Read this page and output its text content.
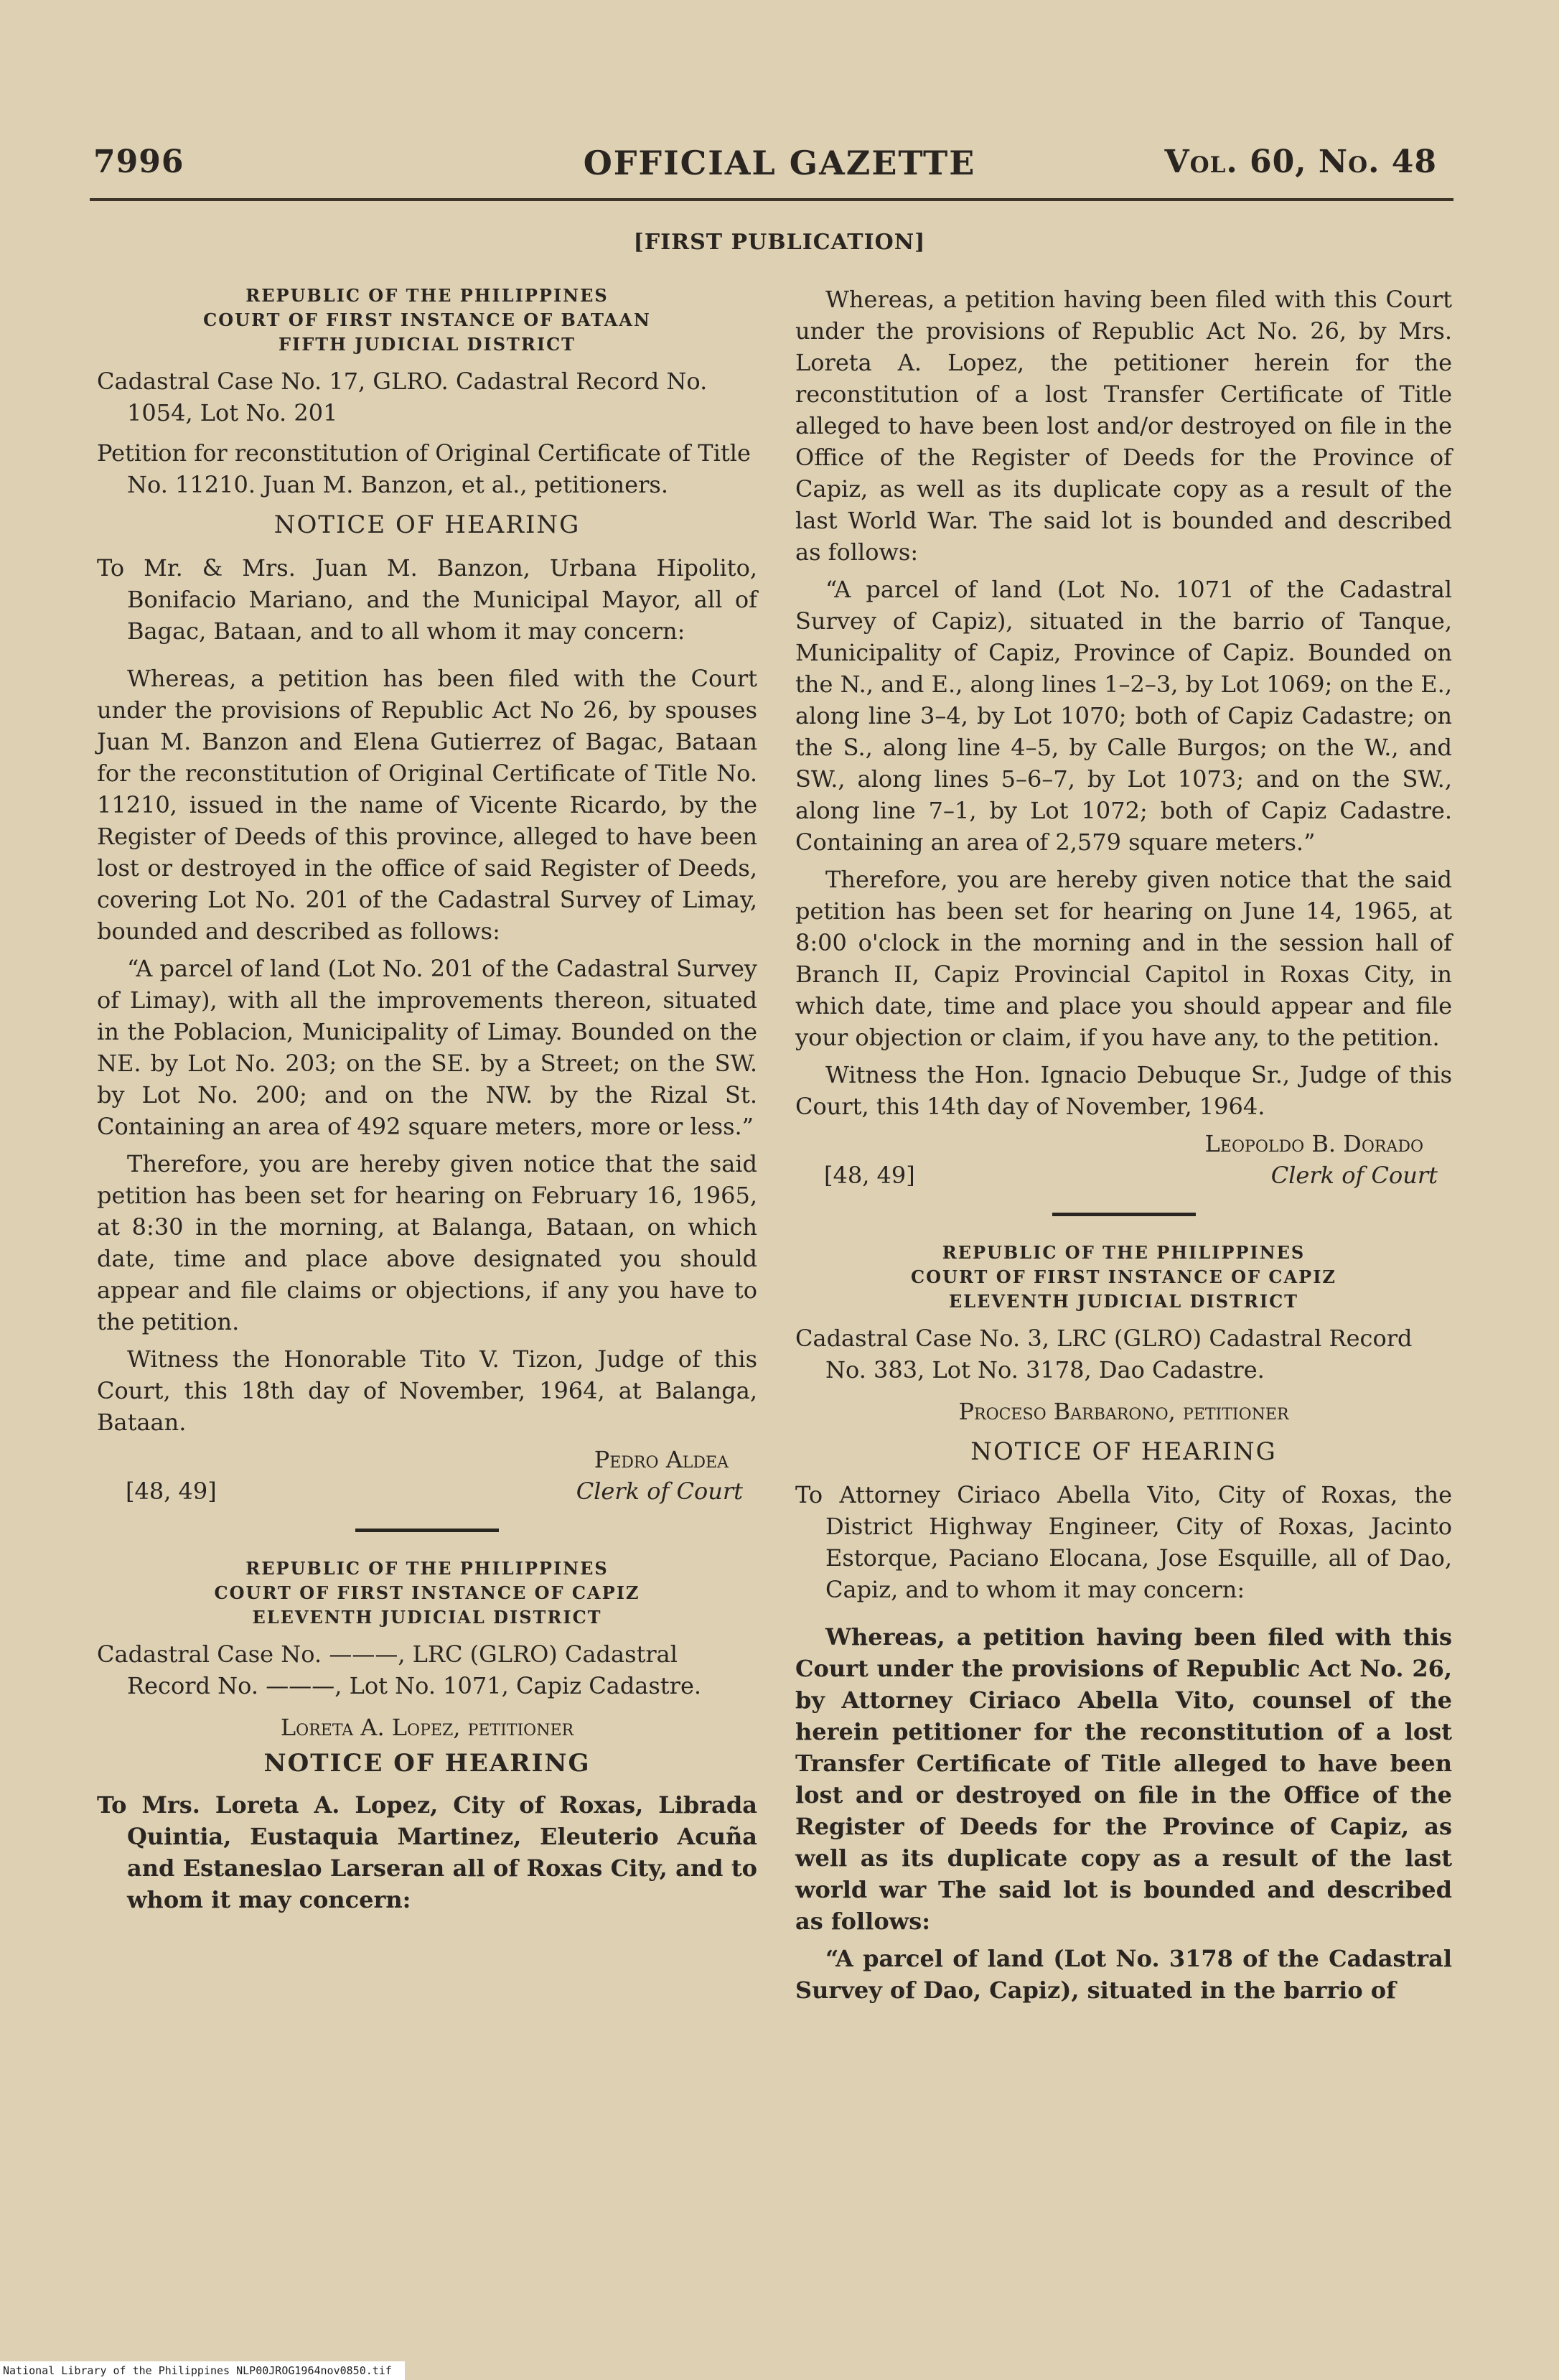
7996	OFFICIAL GAZETTE	Vol. 60, No. 48
[FIRST PUBLICATION]
REPUBLIC OF THE PHILIPPINES
COURT OF FIRST INSTANCE OF BATAAN
FIFTH JUDICIAL DISTRICT

Cadastral Case No. 17, GLRO. Cadastral Record No. 1054, Lot No. 201

Petition for reconstitution of Original Certificate of Title No. 11210. Juan M. Banzon, et al., petitioners.

NOTICE OF HEARING

To Mr. & Mrs. Juan M. Banzon, Urbana Hipolito, Bonifacio Mariano, and the Municipal Mayor, all of Bagac, Bataan, and to all whom it may concern:

Whereas, a petition has been filed with the Court under the provisions of Republic Act No 26, by spouses Juan M. Banzon and Elena Gutierrez of Bagac, Bataan for the reconstitution of Original Certificate of Title No. 11210, issued in the name of Vicente Ricardo, by the Register of Deeds of this province, alleged to have been lost or destroyed in the office of said Register of Deeds, covering Lot No. 201 of the Cadastral Survey of Limay, bounded and described as follows:

“A parcel of land (Lot No. 201 of the Cadastral Survey of Limay), with all the improvements thereon, situated in the Poblacion, Municipality of Limay. Bounded on the NE. by Lot No. 203; on the SE. by a Street; on the SW. by Lot No. 200; and on the NW. by the Rizal St. Containing an area of 492 square meters, more or less.”

Therefore, you are hereby given notice that the said petition has been set for hearing on February 16, 1965, at 8:30 in the morning, at Balanga, Bataan, on which date, time and place above designated you should appear and file claims or objections, if any you have to the petition.

Witness the Honorable Tito V. Tizon, Judge of this Court, this 18th day of November, 1964, at Balanga, Bataan.

Pedro Aldea
[48, 49]	Clerk of Court
REPUBLIC OF THE PHILIPPINES
COURT OF FIRST INSTANCE OF CAPIZ
ELEVENTH JUDICIAL DISTRICT

Cadastral Case No. ———, LRC (GLRO) Cadastral Record No. ———, Lot No. 1071, Capiz Cadastre.

Loreta A. Lopez, petitioner
NOTICE OF HEARING

To Mrs. Loreta A. Lopez, City of Roxas, Librada Quintia, Eustaquia Martinez, Eleuterio Acuña and Estaneslao Larseran all of Roxas City, and to whom it may concern:

Whereas, a petition having been filed with this Court under the provisions of Republic Act No. 26, by Mrs. Loreta A. Lopez, the petitioner herein for the reconstitution of a lost Transfer Certificate of Title alleged to have been lost and/or destroyed on file in the Office of the Register of Deeds for the Province of Capiz, as well as its duplicate copy as a result of the last World War. The said lot is bounded and described as follows:

“A parcel of land (Lot No. 1071 of the Cadastral Survey of Capiz), situated in the barrio of Tanque, Municipality of Capiz, Province of Capiz. Bounded on the N., and E., along lines 1–2–3, by Lot 1069; on the E., along line 3–4, by Lot 1070; both of Capiz Cadastre; on the S., along line 4–5, by Calle Burgos; on the W., and SW., along lines 5–6–7, by Lot 1073; and on the SW., along line 7–1, by Lot 1072; both of Capiz Cadastre. Containing an area of 2,579 square meters.”

Therefore, you are hereby given notice that the said petition has been set for hearing on June 14, 1965, at 8:00 o'clock in the morning and in the session hall of Branch II, Capiz Provincial Capitol in Roxas City, in which date, time and place you should appear and file your objection or claim, if you have any, to the petition.

Witness the Hon. Ignacio Debuque Sr., Judge of this Court, this 14th day of November, 1964.

Leopoldo B. Dorado
[48, 49]	Clerk of Court
REPUBLIC OF THE PHILIPPINES
COURT OF FIRST INSTANCE OF CAPIZ
ELEVENTH JUDICIAL DISTRICT

Cadastral Case No. 3, LRC (GLRO) Cadastral Record No. 383, Lot No. 3178, Dao Cadastre.

Proceso Barbarono, petitioner
NOTICE OF HEARING

To Attorney Ciriaco Abella Vito, City of Roxas, the District Highway Engineer, City of Roxas, Jacinto Estorque, Paciano Elocana, Jose Esquille, all of Dao, Capiz, and to whom it may concern:

Whereas, a petition having been filed with this Court under the provisions of Republic Act No. 26, by Attorney Ciriaco Abella Vito, counsel of the herein petitioner for the reconstitution of a lost Transfer Certificate of Title alleged to have been lost and or destroyed on file in the Office of the Register of Deeds for the Province of Capiz, as well as its duplicate copy as a result of the last world war The said lot is bounded and described as follows:

“A parcel of land (Lot No. 3178 of the Cadastral Survey of Dao, Capiz), situated in the barrio of

National Library of the Philippines NLP00JROG1964nov0850.tif
